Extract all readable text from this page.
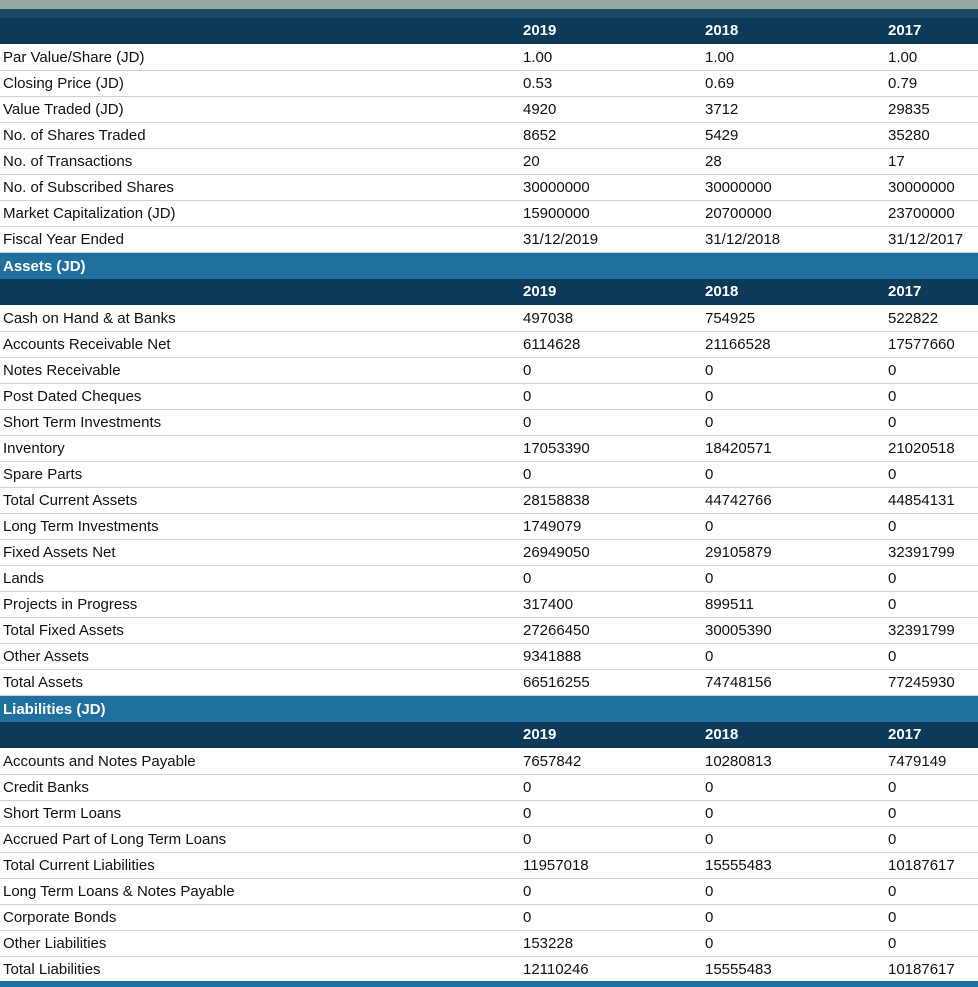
2019	2018	2017
Par Value/Share (JD)	1.00	1.00	1.00
Closing Price (JD)	0.53	0.69	0.79
Value Traded (JD)	4920	3712	29835
No. of Shares Traded	8652	5429	35280
No. of Transactions	20	28	17
No. of Subscribed Shares	30000000	30000000	30000000
Market Capitalization (JD)	15900000	20700000	23700000
Fiscal Year Ended	31/12/2019	31/12/2018	31/12/2017
Assets (JD)
2019	2018	2017
Cash on Hand & at Banks	497038	754925	522822
Accounts Receivable Net	6114628	21166528	17577660
Notes Receivable	0	0	0
Post Dated Cheques	0	0	0
Short Term Investments	0	0	0
Inventory	17053390	18420571	21020518
Spare Parts	0	0	0
Total Current Assets	28158838	44742766	44854131
Long Term Investments	1749079	0	0
Fixed Assets Net	26949050	29105879	32391799
Lands	0	0	0
Projects in Progress	317400	899511	0
Total Fixed Assets	27266450	30005390	32391799
Other Assets	9341888	0	0
Total Assets	66516255	74748156	77245930
Liabilities (JD)
2019	2018	2017
Accounts and Notes Payable	7657842	10280813	7479149
Credit Banks	0	0	0
Short Term Loans	0	0	0
Accrued Part of Long Term Loans	0	0	0
Total Current Liabilities	11957018	15555483	10187617
Long Term Loans & Notes Payable	0	0	0
Corporate Bonds	0	0	0
Other Liabilities	153228	0	0
Total Liabilities	12110246	15555483	10187617
